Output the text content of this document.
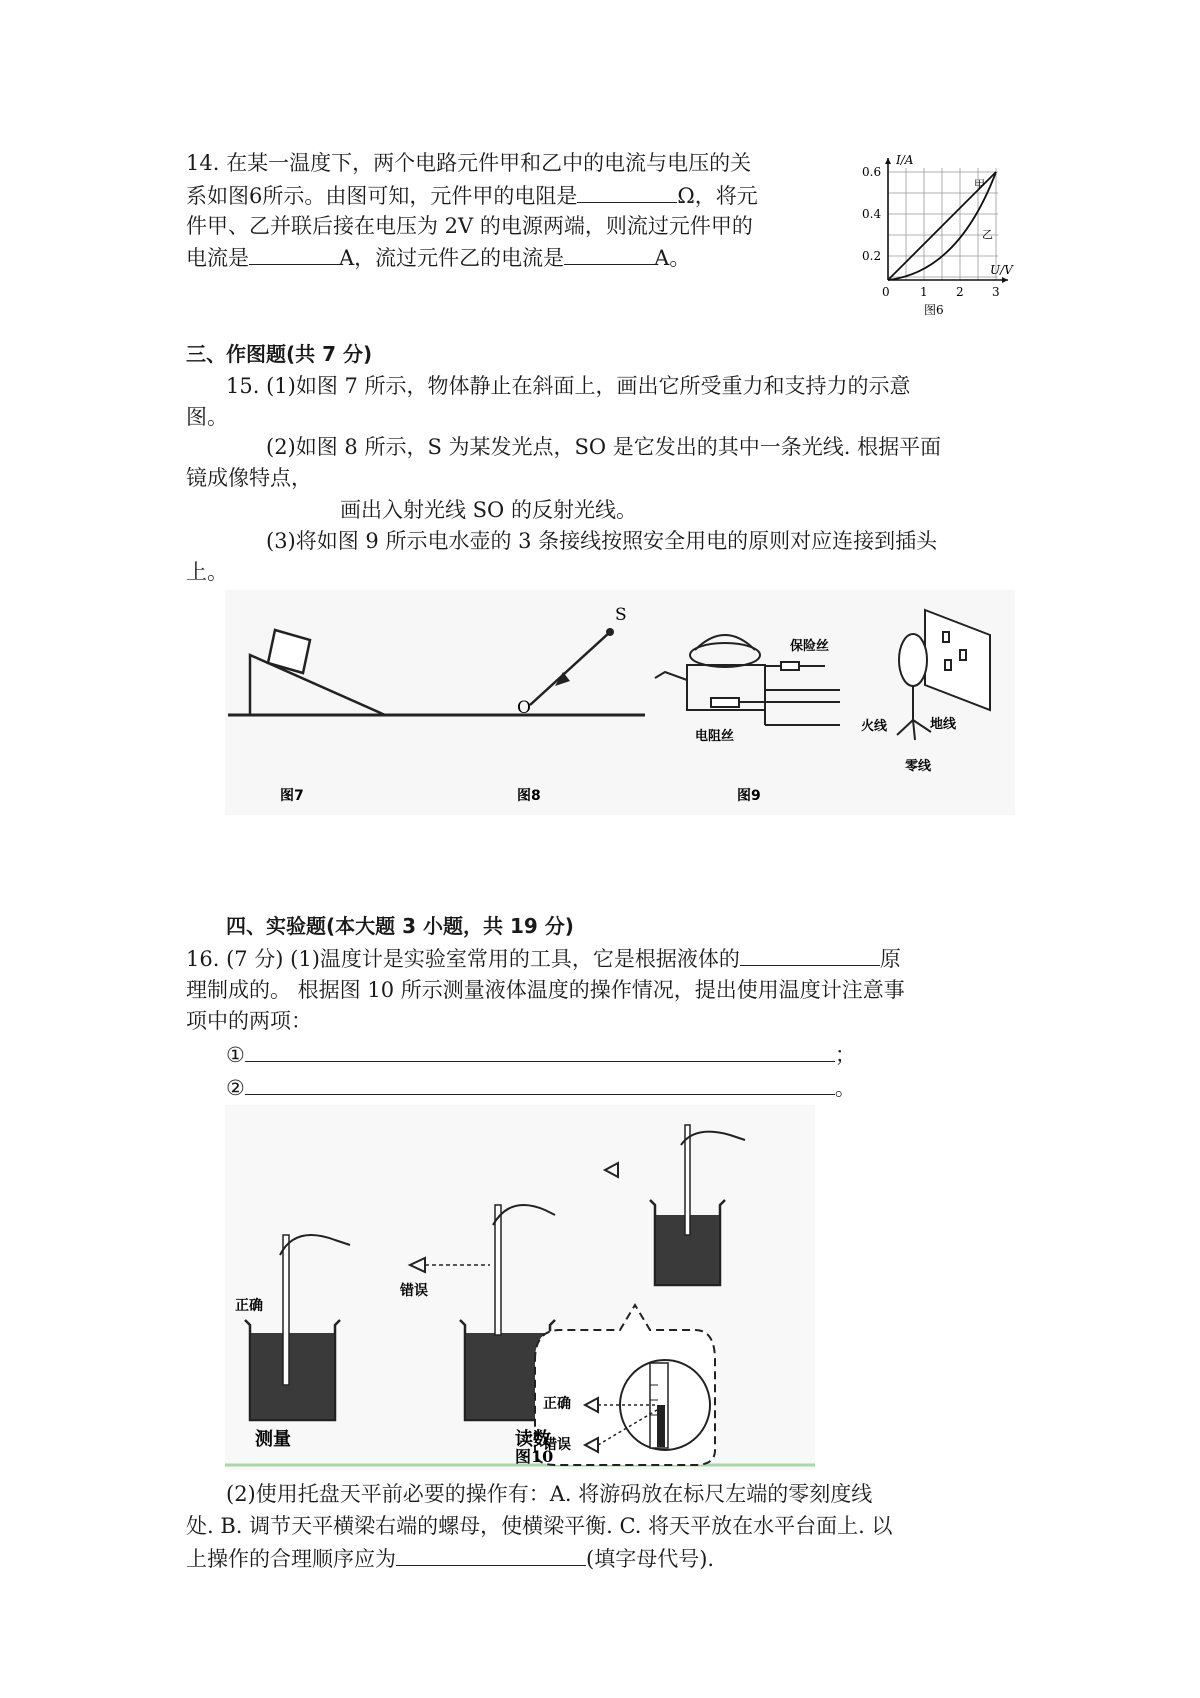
14. 在某一温度下，两个电路元件甲和乙中的电流与电压的关
系如图6所示。由图可知，元件甲的电阻是	Ω，将元
件甲、乙并联后接在电压为 2V 的电源两端，则流过元件甲的
电流是	A，流过元件乙的电流是	A。
I/A
U/V
0.6
0.4
0.2
0	1 2 3
甲
乙
图6
三、作图题(共 7 分)
15. (1)如图 7 所示，物体静止在斜面上，画出它所受重力和支持力的示意
图。
(2)如图 8 所示，S 为某发光点，SO 是它发出的其中一条光线. 根据平面
镜成像特点，
画出入射光线 SO 的反射光线。
(3)将如图 9 所示电水壶的 3 条接线按照安全用电的原则对应连接到插头
上。
图7
S
O
图8
保险丝
电阻丝
图9
火线	地线
零线
四、实验题(本大题 3 小题，共 19 分)
16. (7 分) (1)温度计是实验室常用的工具，它是根据液体的	原
理制成的。 根据图 10 所示测量液体温度的操作情况，提出使用温度计注意事
项中的两项：
①	；
②	。
正确
错误
正确
错误
测量	读数
图10
(2)使用托盘天平前必要的操作有：A. 将游码放在标尺左端的零刻度线
处. B. 调节天平横梁右端的螺母，使横梁平衡. C. 将天平放在水平台面上. 以
上操作的合理顺序应为	(填字母代号).
